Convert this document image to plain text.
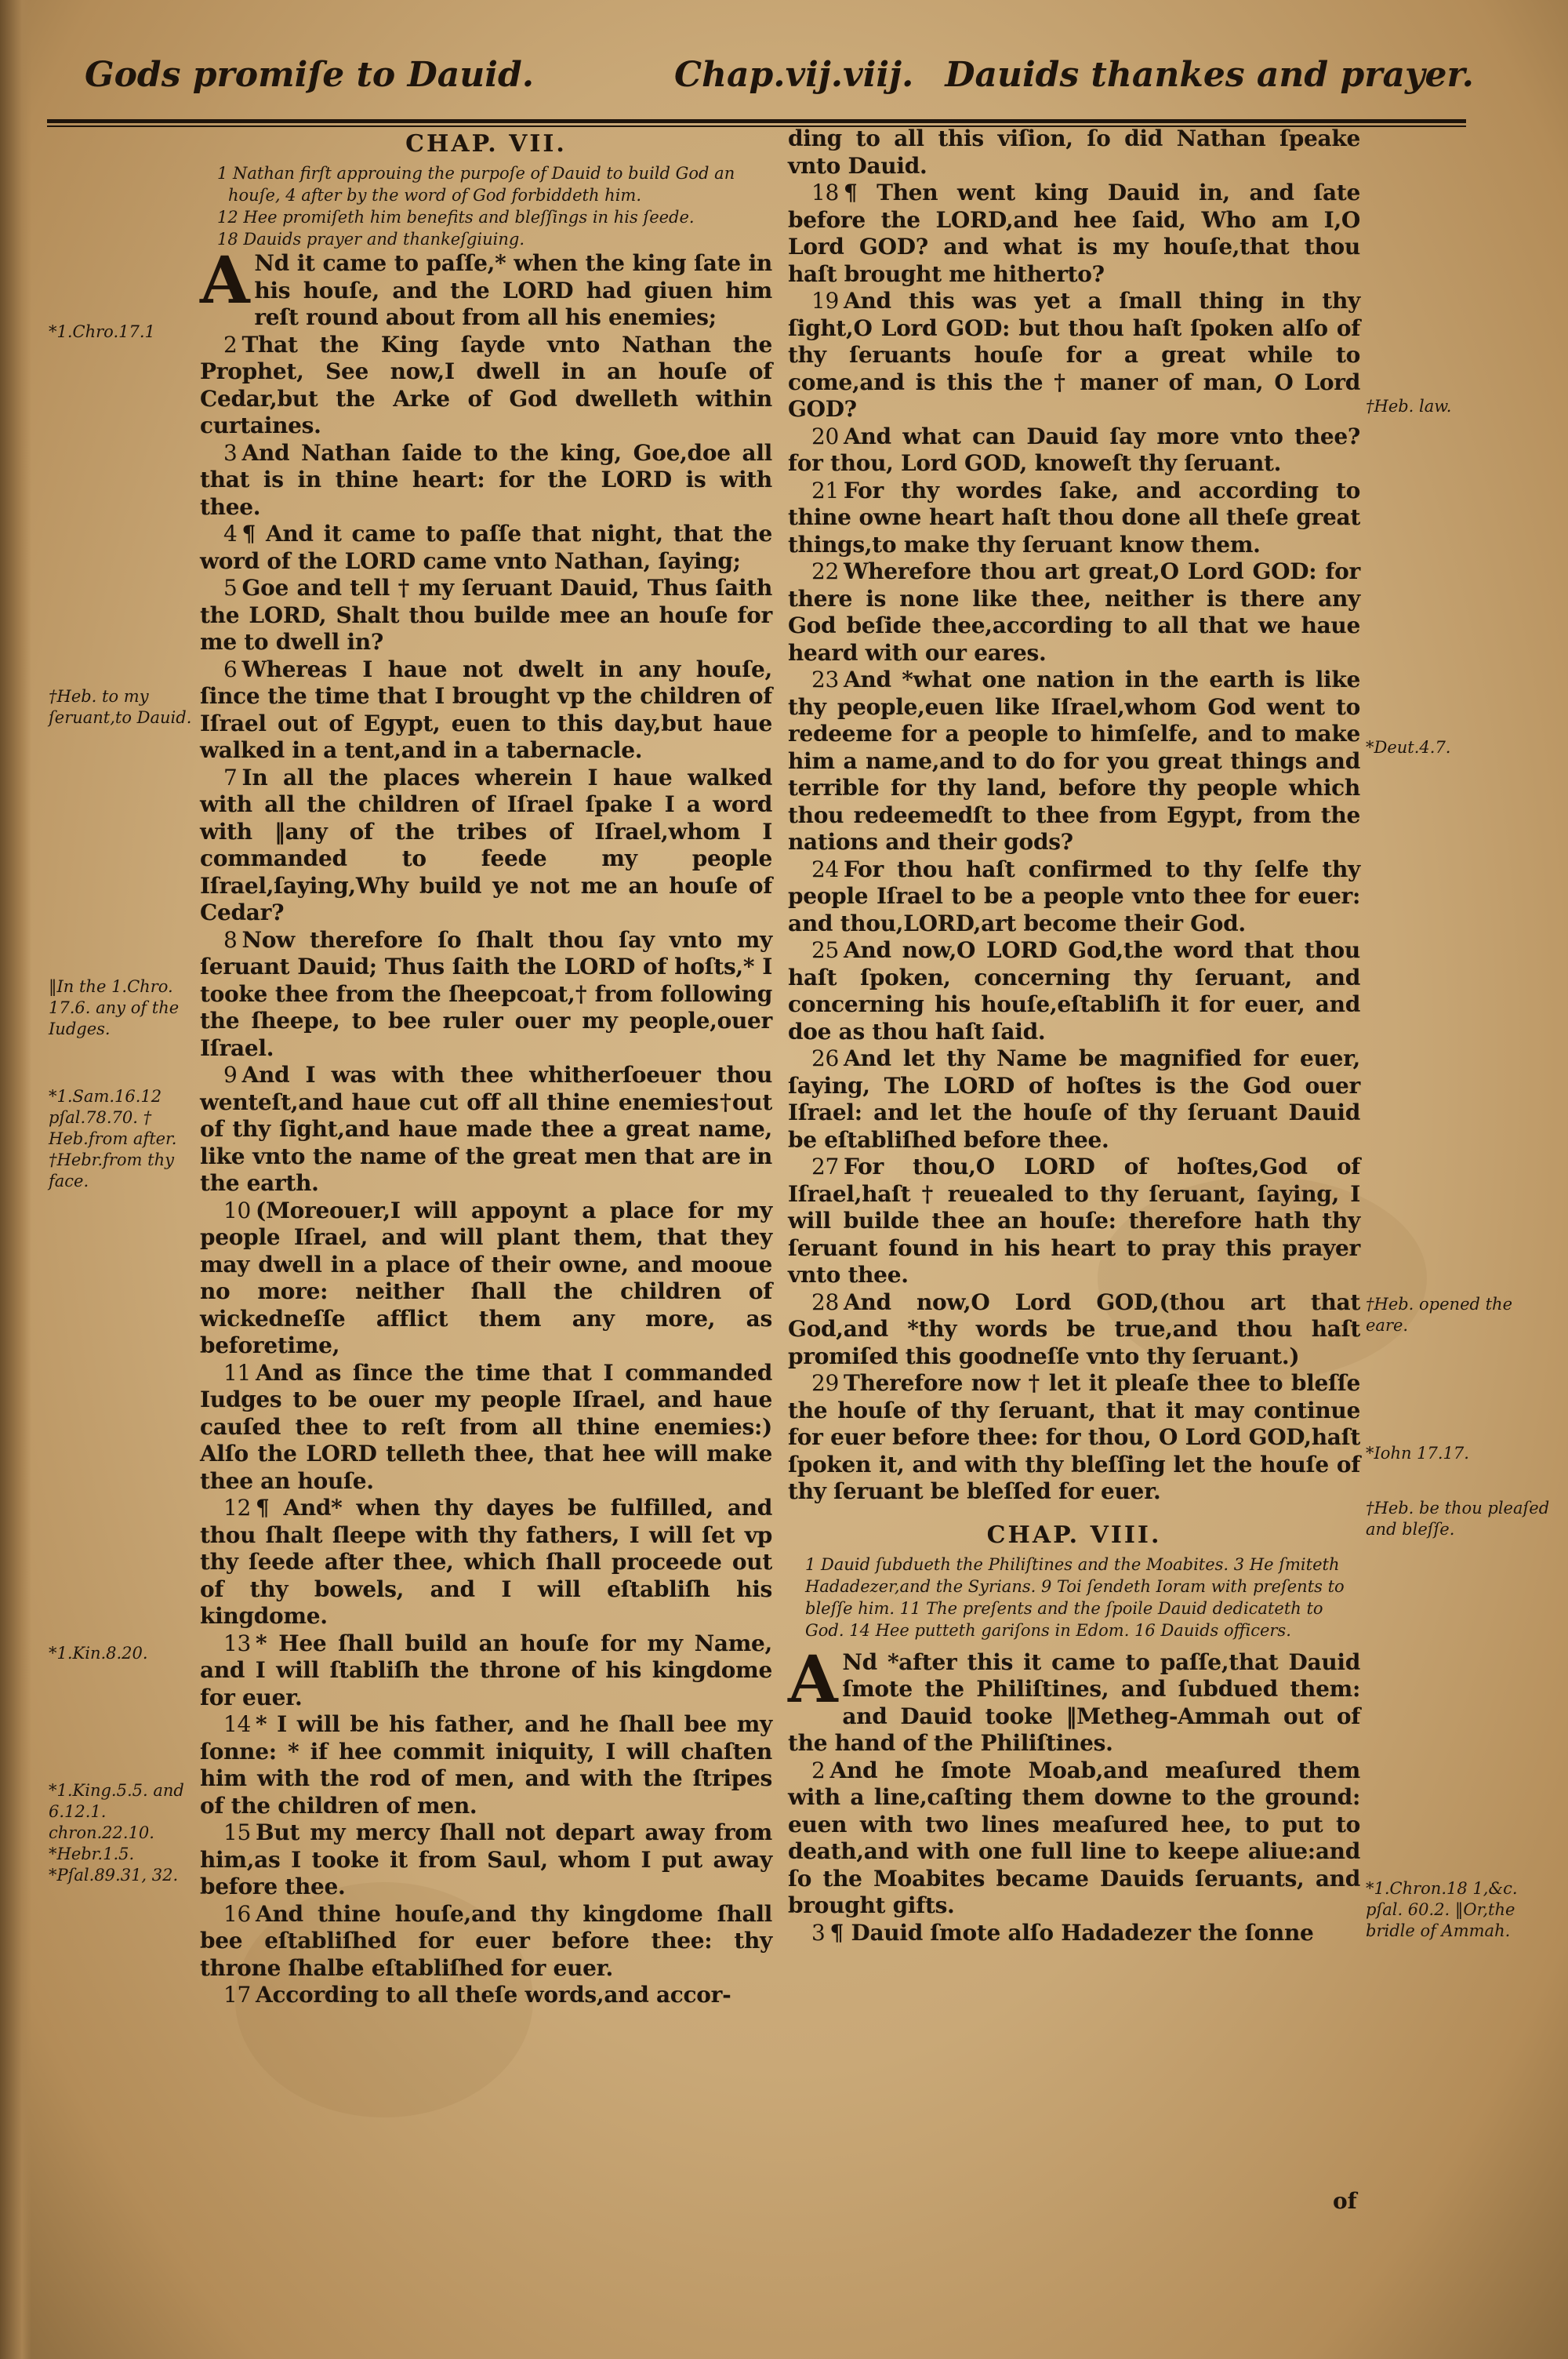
Gods promiſe to Dauid.	Chap.vij.viij. Dauids thankes and prayer.
CHAP. VII.
1 Nathan firſt approuing the purpoſe of Dauid to build God an houſe, 4 after by the word of God forbiddeth him.
12 Hee promiſeth him benefits and bleſſings in his ſeede.
18 Dauids prayer and thankeſgiuing.

A Nd it came to paſſe,* when the king ſate in his houſe, and the LORD had giuen him reſt round about from all his enemies;

2 That the King ſayde vnto Nathan the Prophet, See now,I dwell in an houſe of Cedar,but the Arke of God dwelleth within curtaines.

3 And Nathan ſaide to the king, Goe,doe all that is in thine heart: for the LORD is with thee.

4 ¶ And it came to paſſe that night, that the word of the LORD came vnto Nathan, ſaying;

5 Goe and tell † my ſeruant Dauid, Thus ſaith the LORD, Shalt thou builde mee an houſe for me to dwell in?

6 Whereas I haue not dwelt in any houſe, ſince the time that I brought vp the children of Iſrael out of Egypt, euen to this day,but haue walked in a tent,and in a tabernacle.

7 In all the places wherein I haue walked with all the children of Iſrael ſpake I a word with ‖any of the tribes of Iſrael,whom I commanded to feede my people Iſrael,ſaying,Why build ye not me an houſe of Cedar?

8 Now therefore ſo ſhalt thou ſay vnto my ſeruant Dauid; Thus ſaith the LORD of hoſts,* I tooke thee from the ſheepcoat,† from following the ſheepe, to bee ruler ouer my people,ouer Iſrael.

9 And I was with thee whitherſoeuer thou wenteſt,and haue cut off all thine enemies†out of thy ſight,and haue made thee a great name, like vnto the name of the great men that are in the earth.

10 (Moreouer,I will appoynt a place for my people Iſrael, and will plant them, that they may dwell in a place of their owne, and mooue no more: neither ſhall the children of wickedneſſe afflict them any more, as beforetime,

11 And as ſince the time that I commanded Iudges to be ouer my people Iſrael, and haue cauſed thee to reſt from all thine enemies:) Alſo the LORD telleth thee, that hee will make thee an houſe.

12 ¶ And* when thy dayes be fulfilled, and thou ſhalt ſleepe with thy fathers, I will ſet vp thy ſeede after thee, which ſhall proceede out of thy bowels, and I will eſtabliſh his kingdome.

13 * Hee ſhall build an houſe for my Name, and I will ſtabliſh the throne of his kingdome for euer.

14 * I will be his father, and he ſhall bee my ſonne: * if hee commit iniquity, I will chaſten him with the rod of men, and with the ſtripes of the children of men.

15 But my mercy ſhall not depart away from him,as I tooke it from Saul, whom I put away before thee.

16 And thine houſe,and thy kingdome ſhall bee eſtabliſhed for euer before thee: thy throne ſhalbe eſtabliſhed for euer.

17 According to all theſe words,and accor-

ding to all this viſion, ſo did Nathan ſpeake vnto Dauid.

18 ¶ Then went king Dauid in, and ſate before the LORD,and hee ſaid, Who am I,O Lord GOD? and what is my houſe,that thou haſt brought me hitherto?

19 And this was yet a ſmall thing in thy ſight,O Lord GOD: but thou haſt ſpoken alſo of thy ſeruants houſe for a great while to come,and is this the † maner of man, O Lord GOD?

20 And what can Dauid ſay more vnto thee? for thou, Lord GOD, knoweſt thy ſeruant.

21 For thy wordes ſake, and according to thine owne heart haſt thou done all theſe great things,to make thy ſeruant know them.

22 Wherefore thou art great,O Lord GOD: for there is none like thee, neither is there any God beſide thee,according to all that we haue heard with our eares.

23 And *what one nation in the earth is like thy people,euen like Iſrael,whom God went to redeeme for a people to himſelfe, and to make him a name,and to do for you great things and terrible for thy land, before thy people which thou redeemedſt to thee from Egypt, from the nations and their gods?

24 For thou haſt confirmed to thy ſelfe thy people Iſrael to be a people vnto thee for euer: and thou,LORD,art become their God.

25 And now,O LORD God,the word that thou haſt ſpoken, concerning thy ſeruant, and concerning his houſe,eſtabliſh it for euer, and doe as thou haſt ſaid.

26 And let thy Name be magnified for euer, ſaying, The LORD of hoſtes is the God ouer Iſrael: and let the houſe of thy ſeruant Dauid be eſtabliſhed before thee.

27 For thou,O LORD of hoſtes,God of Iſrael,haſt † reuealed to thy ſeruant, ſaying, I will builde thee an houſe: therefore hath thy ſeruant found in his heart to pray this prayer vnto thee.

28 And now,O Lord GOD,(thou art that God,and *thy words be true,and thou haſt promiſed this goodneſſe vnto thy ſeruant.)

29 Therefore now † let it pleaſe thee to bleſſe the houſe of thy ſeruant, that it may continue for euer before thee: for thou, O Lord GOD,haſt ſpoken it, and with thy bleſſing let the houſe of thy ſeruant be bleſſed for euer.

CHAP. VIII.
1 Dauid ſubdueth the Philiſtines and the Moabites. 3 He ſmiteth Hadadezer,and the Syrians. 9 Toi ſendeth Ioram with preſents to bleſſe him. 11 The preſents and the ſpoile Dauid dedicateth to God. 14 Hee putteth gariſons in Edom. 16 Dauids officers.

A Nd *after this it came to paſſe,that Dauid ſmote the Philiſtines, and ſubdued them: and Dauid tooke ‖Metheg-Ammah out of the hand of the Philiſtines.

2 And he ſmote Moab,and meaſured them with a line,caſting them downe to the ground: euen with two lines meaſured hee, to put to death,and with one full line to keepe aliue:and ſo the Moabites became Dauids ſeruants, and brought gifts.

3 ¶ Dauid ſmote alſo Hadadezer the ſonne

of
*1.Chro.17.1
†Heb. to my ſeruant,to Dauid.
‖In the 1.Chro. 17.6. any of the Iudges.
*1.Sam.16.12 pſal.78.70. † Heb.from after. †Hebr.from thy face.
*1.Kin.8.20.
*1.King.5.5. and 6.12.1. chron.22.10. *Hebr.1.5. *Pſal.89.31, 32.
†Heb. law.
*Deut.4.7.
†Heb. opened the eare.
*Iohn 17.17.
†Heb. be thou pleaſed and bleſſe.
*1.Chron.18 1,&c. pſal. 60.2. ‖Or,the bridle of Ammah.
